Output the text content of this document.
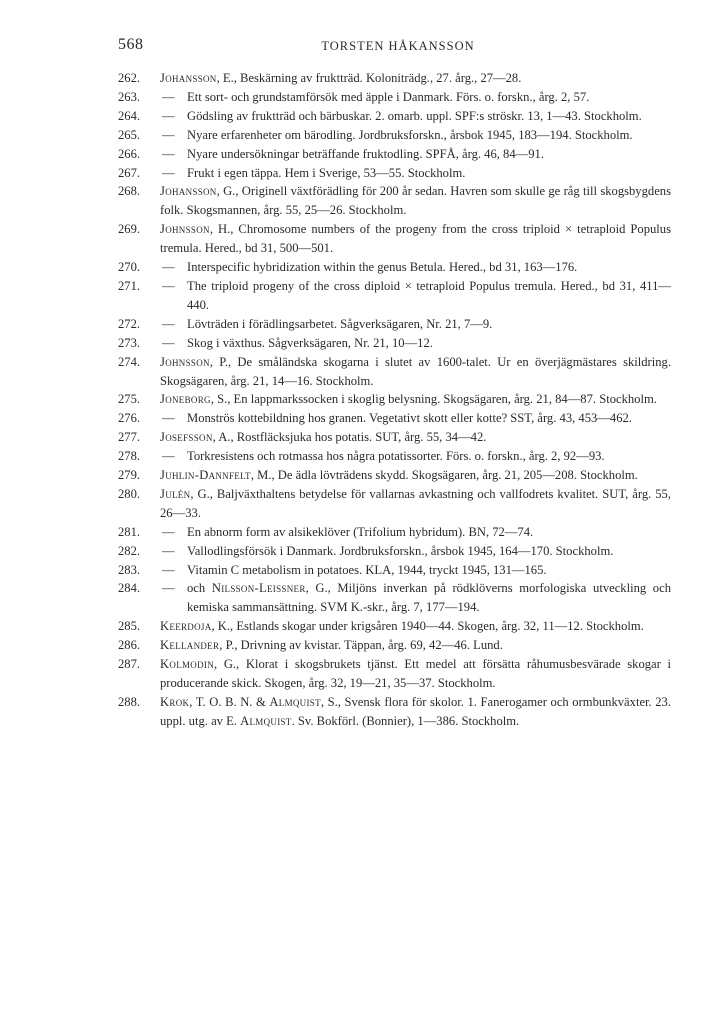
568	TORSTEN HÅKANSSON
262.	Johansson, E., Beskärning av fruktträd. Koloniträdg., 27. årg., 27—28.
263.	— Ett sort- och grundstamförsök med äpple i Danmark. Förs. o. forskn., årg. 2, 57.
264.	— Gödsling av fruktträd och bärbuskar. 2. omarb. uppl. SPF:s ströskr. 13, 1—43. Stockholm.
265.	— Nyare erfarenheter om bärodling. Jordbruksforskn., årsbok 1945, 183—194. Stockholm.
266.	— Nyare undersökningar beträffande fruktodling. SPFÅ, årg. 46, 84—91.
267.	— Frukt i egen täppa. Hem i Sverige, 53—55. Stockholm.
268.	Johansson, G., Originell växtförädling för 200 år sedan. Havren som skulle ge råg till skogsbygdens folk. Skogsmannen, årg. 55, 25—26. Stockholm.
269.	Johnsson, H., Chromosome numbers of the progeny from the cross triploid × tetraploid Populus tremula. Hered., bd 31, 500—501.
270.	— Interspecific hybridization within the genus Betula. Hered., bd 31, 163—176.
271.	— The triploid progeny of the cross diploid × tetraploid Populus tremula. Hered., bd 31, 411—440.
272.	— Lövträden i förädlingsarbetet. Sågverksägaren, Nr. 21, 7—9.
273.	— Skog i växthus. Sågverksägaren, Nr. 21, 10—12.
274.	Johnsson, P., De småländska skogarna i slutet av 1600-talet. Ur en överjägmästares skildring. Skogsägaren, årg. 21, 14—16. Stockholm.
275.	Joneborg, S., En lappmarkssocken i skoglig belysning. Skogsägaren, årg. 21, 84—87. Stockholm.
276.	— Monströs kottebildning hos granen. Vegetativt skott eller kotte? SST, årg. 43, 453—462.
277.	Josefsson, A., Rostfläcksjuka hos potatis. SUT, årg. 55, 34—42.
278.	— Torkresistens och rotmassa hos några potatissorter. Förs. o. forskn., årg. 2, 92—93.
279.	Juhlin-Dannfelt, M., De ädla lövträdens skydd. Skogsägaren, årg. 21, 205—208. Stockholm.
280.	Julén, G., Baljväxthaltens betydelse för vallarnas avkastning och vallfodrets kvalitet. SUT, årg. 55, 26—33.
281.	— En abnorm form av alsikeklöver (Trifolium hybridum). BN, 72—74.
282.	— Vallodlingsförsök i Danmark. Jordbruksforskn., årsbok 1945, 164—170. Stockholm.
283.	— Vitamin C metabolism in potatoes. KLA, 1944, tryckt 1945, 131—165.
284.	— och Nilsson-Leissner, G., Miljöns inverkan på rödklöverns morfologiska utveckling och kemiska sammansättning. SVM K.-skr., årg. 7, 177—194.
285.	Keerdoja, K., Estlands skogar under krigsåren 1940—44. Skogen, årg. 32, 11—12. Stockholm.
286.	Kellander, P., Drivning av kvistar. Täppan, årg. 69, 42—46. Lund.
287.	Kolmodin, G., Klorat i skogsbrukets tjänst. Ett medel att försätta råhumusbesvärade skogar i producerande skick. Skogen, årg. 32, 19—21, 35—37. Stockholm.
288.	Krok, T. O. B. N. & Almquist, S., Svensk flora för skolor. 1. Fanerogamer och ormbunkväxter. 23. uppl. utg. av E. Almquist. Sv. Bokförl. (Bonnier), 1—386. Stockholm.
